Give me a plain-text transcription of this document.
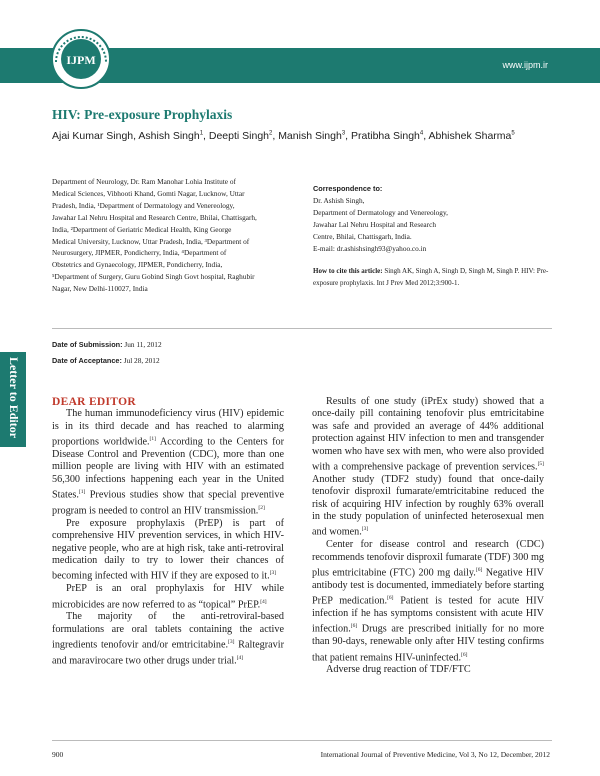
www.ijpm.ir
IJPM
HIV: Pre-exposure Prophylaxis
Ajai Kumar Singh, Ashish Singh$^1$, Deepti Singh$^2$, Manish Singh$^3$, Pratibha Singh$^4$, Abhishek Sharma$^5$
Department of Neurology, Dr. Ram Manohar Lohia Institute of Medical Sciences, Vibhooti Khand, Gomti Nagar, Lucknow, Uttar Pradesh, India, ¹Department of Dermatology and Venereology, Jawahar Lal Nehru Hospital and Research Centre, Bhilai, Chattisgarh, India, ²Department of Geriatric Medical Health, King George Medical University, Lucknow, Uttar Pradesh, India, ³Department of Neurosurgery, JIPMER, Pondicherry, India, ⁴Department of Obstetrics and Gynaecology, JIPMER, Pondicherry, India, ⁵Department of Surgery, Guru Gobind Singh Govt hospital, Raghubir Nagar, New Delhi-110027, India
Correspondence to:
Dr. Ashish Singh,
Department of Dermatology and Venereology,
Jawahar Lal Nehru Hospital and Research
Centre, Bhilai, Chattisgarh, India.
E-mail: dr.ashishsingh93@yahoo.co.in
How to cite this article: Singh AK, Singh A, Singh D, Singh M, Singh P. HIV: Pre-exposure prophylaxis. Int J Prev Med 2012;3:900-1.
Date of Submission: Jun 11, 2012
Date of Acceptance: Jul 28, 2012
Letter to Editor	DEAR EDITOR

The human immunodeficiency virus (HIV) epidemic is in its third decade and has reached to alarming proportions worldwide.[1] According to the Centers for Disease Control and Prevention (CDC), more than one million people are living with HIV with an estimated 56,300 infections happening each year in the United States.[1] Previous studies show that special preventive program is needed to control an HIV transmission.[2]

Pre exposure prophylaxis (PrEP) is part of comprehensive HIV prevention services, in which HIV-negative people, who are at high risk, take anti-retroviral medication daily to try to lower their chances of becoming infected with HIV if they are exposed to it.[3]

PrEP is an oral prophylaxis for HIV while microbicides are now referred to as “topical” PrEP.[4]

The majority of the anti-retroviral-based formulations are oral tablets containing the active ingredients tenofovir and/or emtricitabine.[3] Raltegravir and maravirocare two other drugs under trial.[4]

Results of one study (iPrEx study) showed that a once-daily pill containing tenofovir plus emtricitabine was safe and provided an average of 44% additional protection against HIV infection to men and transgender women who have sex with men, who were also provided with a comprehensive package of prevention services.[5] Another study (TDF2 study) found that once-daily tenofovir disproxil fumarate/emtricitabine reduced the risk of acquiring HIV infection by roughly 63% overall in the study population of uninfected heterosexual men and women.[3]

Center for disease control and research (CDC) recommends tenofovir disproxil fumarate (TDF) 300 mg plus emtricitabine (FTC) 200 mg daily.[6] Negative HIV antibody test is documented, immediately before starting PrEP medication.[6] Patient is tested for acute HIV infection if he has symptoms consistent with acute HIV infection.[6] Drugs are prescribed initially for no more than 90-days, renewable only after HIV testing confirms that patient remains HIV-uninfected.[6]

Adverse drug reaction of TDF/FTC

900	International Journal of Preventive Medicine, Vol 3, No 12, December, 2012
